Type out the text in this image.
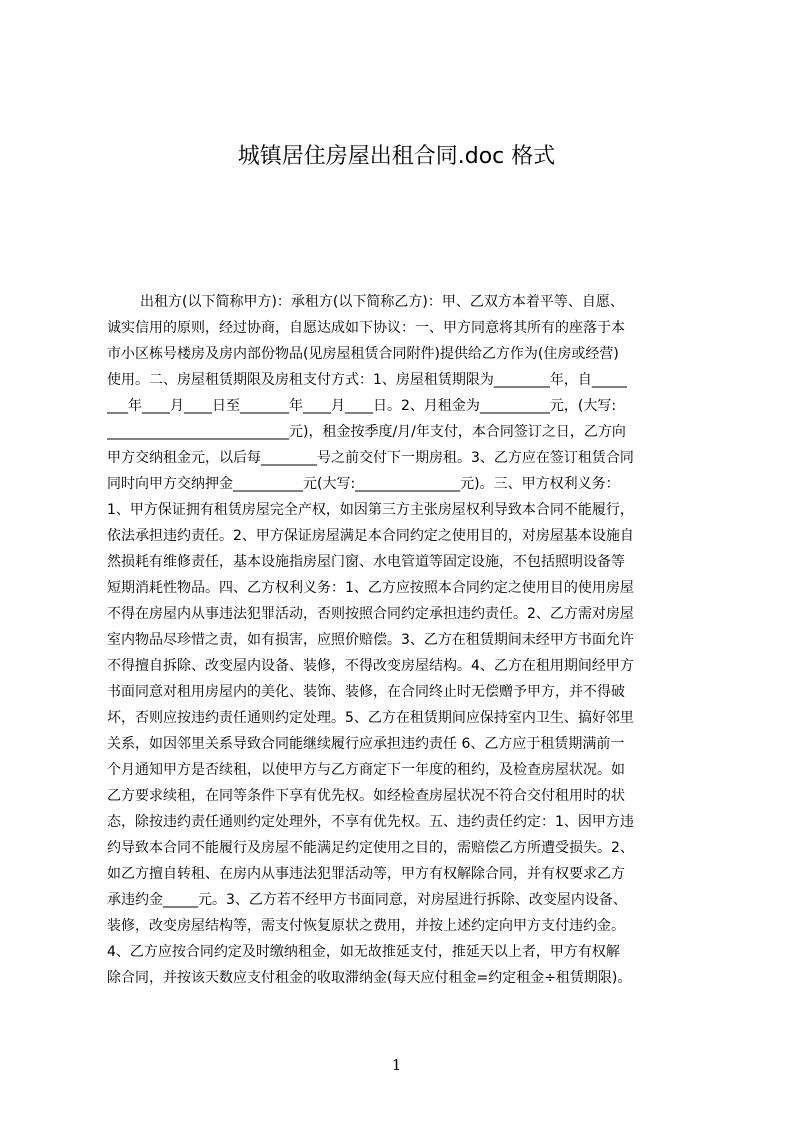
城镇居住房屋出租合同.doc 格式
出租方(以下简称甲方)：承租方(以下简称乙方)：甲、乙双方本着平等、自愿、
诚实信用的原则，经过协商，自愿达成如下协议：一、甲方同意将其所有的座落于本
市小区栋号楼房及房内部份物品(见房屋租赁合同附件)提供给乙方作为(住房或经营)
使用。二、房屋租赁期限及房租支付方式：1、房屋租赁期限为________年，自_____
___年____月____日至_______年____月____日。2、月租金为__________元，(大写:
__________________________元)，租金按季度/月/年支付，本合同签订之日，乙方向
甲方交纳租金元，以后每________号之前交付下一期房租。3、乙方应在签订租赁合同
同时向甲方交纳押金__________元(大写:_______________元)。三、甲方权利义务：
1、甲方保证拥有租赁房屋完全产权，如因第三方主张房屋权利导致本合同不能履行，
依法承担违约责任。2、甲方保证房屋满足本合同约定之使用目的，对房屋基本设施自
然损耗有维修责任，基本设施指房屋门窗、水电管道等固定设施，不包括照明设备等
短期消耗性物品。四、乙方权利义务：1、乙方应按照本合同约定之使用目的使用房屋
不得在房屋内从事违法犯罪活动，否则按照合同约定承担违约责任。2、乙方需对房屋
室内物品尽珍惜之责，如有损害，应照价赔偿。3、乙方在租赁期间未经甲方书面允许
不得擅自拆除、改变屋内设备、装修，不得改变房屋结构。4、乙方在租用期间经甲方
书面同意对租用房屋内的美化、装饰、装修，在合同终止时无偿赠予甲方，并不得破
坏，否则应按违约责任通则约定处理。5、乙方在租赁期间应保持室内卫生、搞好邻里
关系，如因邻里关系导致合同能继续履行应承担违约责任 6、乙方应于租赁期满前一
个月通知甲方是否续租，以使甲方与乙方商定下一年度的租约，及检查房屋状况。如
乙方要求续租，在同等条件下享有优先权。如经检查房屋状况不符合交付租用时的状
态，除按违约责任通则约定处理外，不享有优先权。五、违约责任约定：1、因甲方违
约导致本合同不能履行及房屋不能满足约定使用之目的，需赔偿乙方所遭受损失。2、
如乙方擅自转租、在房内从事违法犯罪活动等，甲方有权解除合同，并有权要求乙方
承违约金_____元。3、乙方若不经甲方书面同意，对房屋进行拆除、改变屋内设备、
装修，改变房屋结构等，需支付恢复原状之费用，并按上述约定向甲方支付违约金。
4、乙方应按合同约定及时缴纳租金，如无故推延支付，推延天以上者，甲方有权解
除合同，并按该天数应支付租金的收取滞纳金(每天应付租金=约定租金÷租赁期限)。
1
